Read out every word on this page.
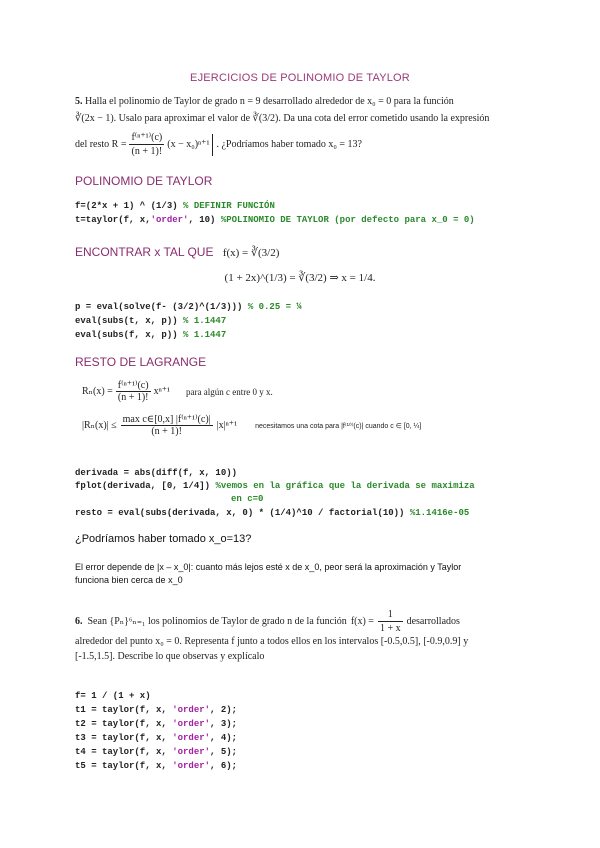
EJERCICIOS DE POLINOMIO DE TAYLOR
5. Halla el polinomio de Taylor de grado n = 9 desarrollado alrededor de x₀ = 0 para la función
∛(2x − 1). Usalo para aproximar el valor de ∛(3/2). Da una cota del error cometido usando la expresión
del resto $R = \frac{\text{f⁽ⁿ⁺¹⁾(c)}}{(n + 1)!} (x - x_0)^{n+1}$ . ¿Podríamos haber tomado x₀ = 13?
POLINOMIO DE TAYLOR
f=(2*x + 1) ^ (1/3) % DEFINIR FUNCIÓN
t=taylor(f, x,'order', 10) %POLINOMIO DE TAYLOR (por defecto para x_0 = 0)
ENCONTRAR x TAL QUE f(x) = ∛(3/2)
(1 + 2x)^(1/3) = ∛(3/2) ⇒ x = 1/4.
p = eval(solve(f- (3/2)^(1/3))) % 0.25 = ¼
eval(subs(t, x, p)) % 1.1447
eval(subs(f, x, p)) % 1.1447
RESTO DE LAGRANGE
$R_n(x) = \frac{\text{f⁽ⁿ⁺¹⁾(c)}}{(n + 1)!} x^{n+1}$ para algún c entre 0 y x.
$|R_n(x)| \le \frac{\text{max c∈[0,x] |f⁽ⁿ⁺¹⁾(c)|}}{(n + 1)!} |x|^{n+1}$	necesitamos una cota para |f⁽¹⁰⁾(c)| cuando c ∈ [0, ¼]
derivada = abs(diff(f, x, 10))
fplot(derivada, [0, 1/4]) %vemos en la gráfica que la derivada se maximiza
en c=0
resto = eval(subs(derivada, x, 0) * (1/4)^10 / factorial(10)) %1.1416e-05
¿Podríamos haber tomado x_o=13?
El error depende de |x – x_0|: cuanto más lejos esté x de x_0, peor será la aproximación y Taylor
funciona bien cerca de x_0
6. Sean {Pₙ}⁶ₙ₌₁ los polinomios de Taylor de grado n de la función $f(x) = \frac{1}{1 + x}$ desarrollados
alrededor del punto x₀ = 0. Representa f junto a todos ellos en los intervalos [-0.5,0.5], [-0.9,0.9] y
[-1.5,1.5]. Describe lo que observas y explícalo
f= 1 / (1 + x)
t1 = taylor(f, x, 'order', 2);
t2 = taylor(f, x, 'order', 3);
t3 = taylor(f, x, 'order', 4);
t4 = taylor(f, x, 'order', 5);
t5 = taylor(f, x, 'order', 6);
